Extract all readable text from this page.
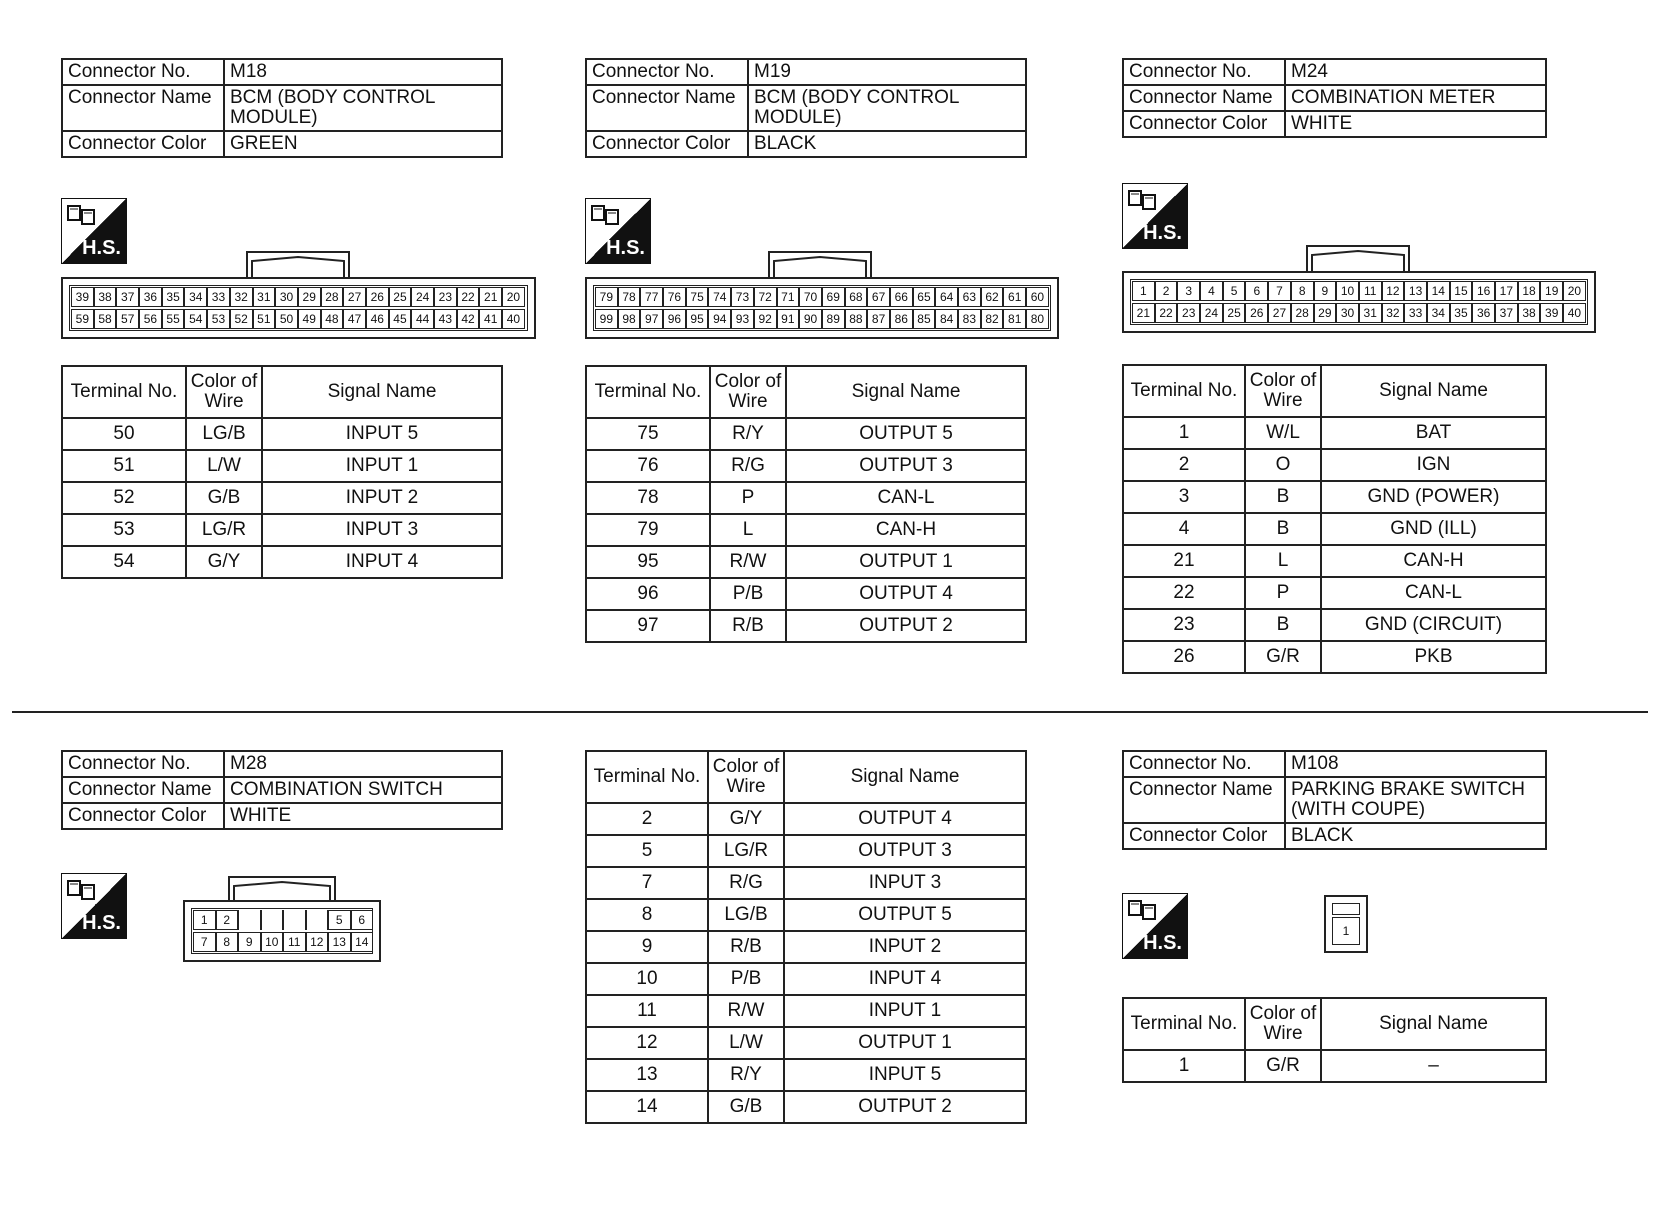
Connector No.	M18
Connector Name	BCM (BODY CONTROL MODULE)
Connector Color	GREEN
H.S.
39 38 37 36 35 34 33 32 31 30 29 28 27 26 25 24 23 22 21 20
59 58 57 56 55 54 53 52 51 50 49 48 47 46 45 44 43 42 41 40
Terminal No.	Color of Wire	Signal Name
50	LG/B	INPUT 5
51	L/W	INPUT 1
52	G/B	INPUT 2
53	LG/R	INPUT 3
54	G/Y	INPUT 4
Connector No.	M19
Connector Name	BCM (BODY CONTROL MODULE)
Connector Color	BLACK
H.S.
79 78 77 76 75 74 73 72 71 70 69 68 67 66 65 64 63 62 61 60
99 98 97 96 95 94 93 92 91 90 89 88 87 86 85 84 83 82 81 80
Terminal No.	Color of Wire	Signal Name
75	R/Y	OUTPUT 5
76	R/G	OUTPUT 3
78	P	CAN-L
79	L	CAN-H
95	R/W	OUTPUT 1
96	P/B	OUTPUT 4
97	R/B	OUTPUT 2
Connector No.	M24
Connector Name	COMBINATION METER
Connector Color	WHITE
H.S.
1	2	3	4	5	6	7	8	9	10 11 12 13 14 15 16 17 18 19 20
21 22 23 24 25 26 27 28 29 30 31 32 33 34 35 36 37 38 39 40
Terminal No.	Color of Wire	Signal Name
1	W/L	BAT
2	O	IGN
3	B	GND (POWER)
4	B	GND (ILL)
21	L	CAN-H
22	P	CAN-L
23	B	GND (CIRCUIT)
26	G/R	PKB
Connector No.	M28
Connector Name	COMBINATION SWITCH
Connector Color	WHITE
H.S.	1	2	5	6
7	8	9	10 11 12 13 14
Terminal No.	Color of Wire	Signal Name
2	G/Y	OUTPUT 4
5	LG/R	OUTPUT 3
7	R/G	INPUT 3
8	LG/B	OUTPUT 5
9	R/B	INPUT 2
10	P/B	INPUT 4
11	R/W	INPUT 1
12	L/W	OUTPUT 1
13	R/Y	INPUT 5
14	G/B	OUTPUT 2
Connector No.	M108
Connector Name	PARKING BRAKE SWITCH (WITH COUPE)
Connector Color	BLACK
H.S.
1
Terminal No.	Color of Wire	Signal Name
1	G/R	–
